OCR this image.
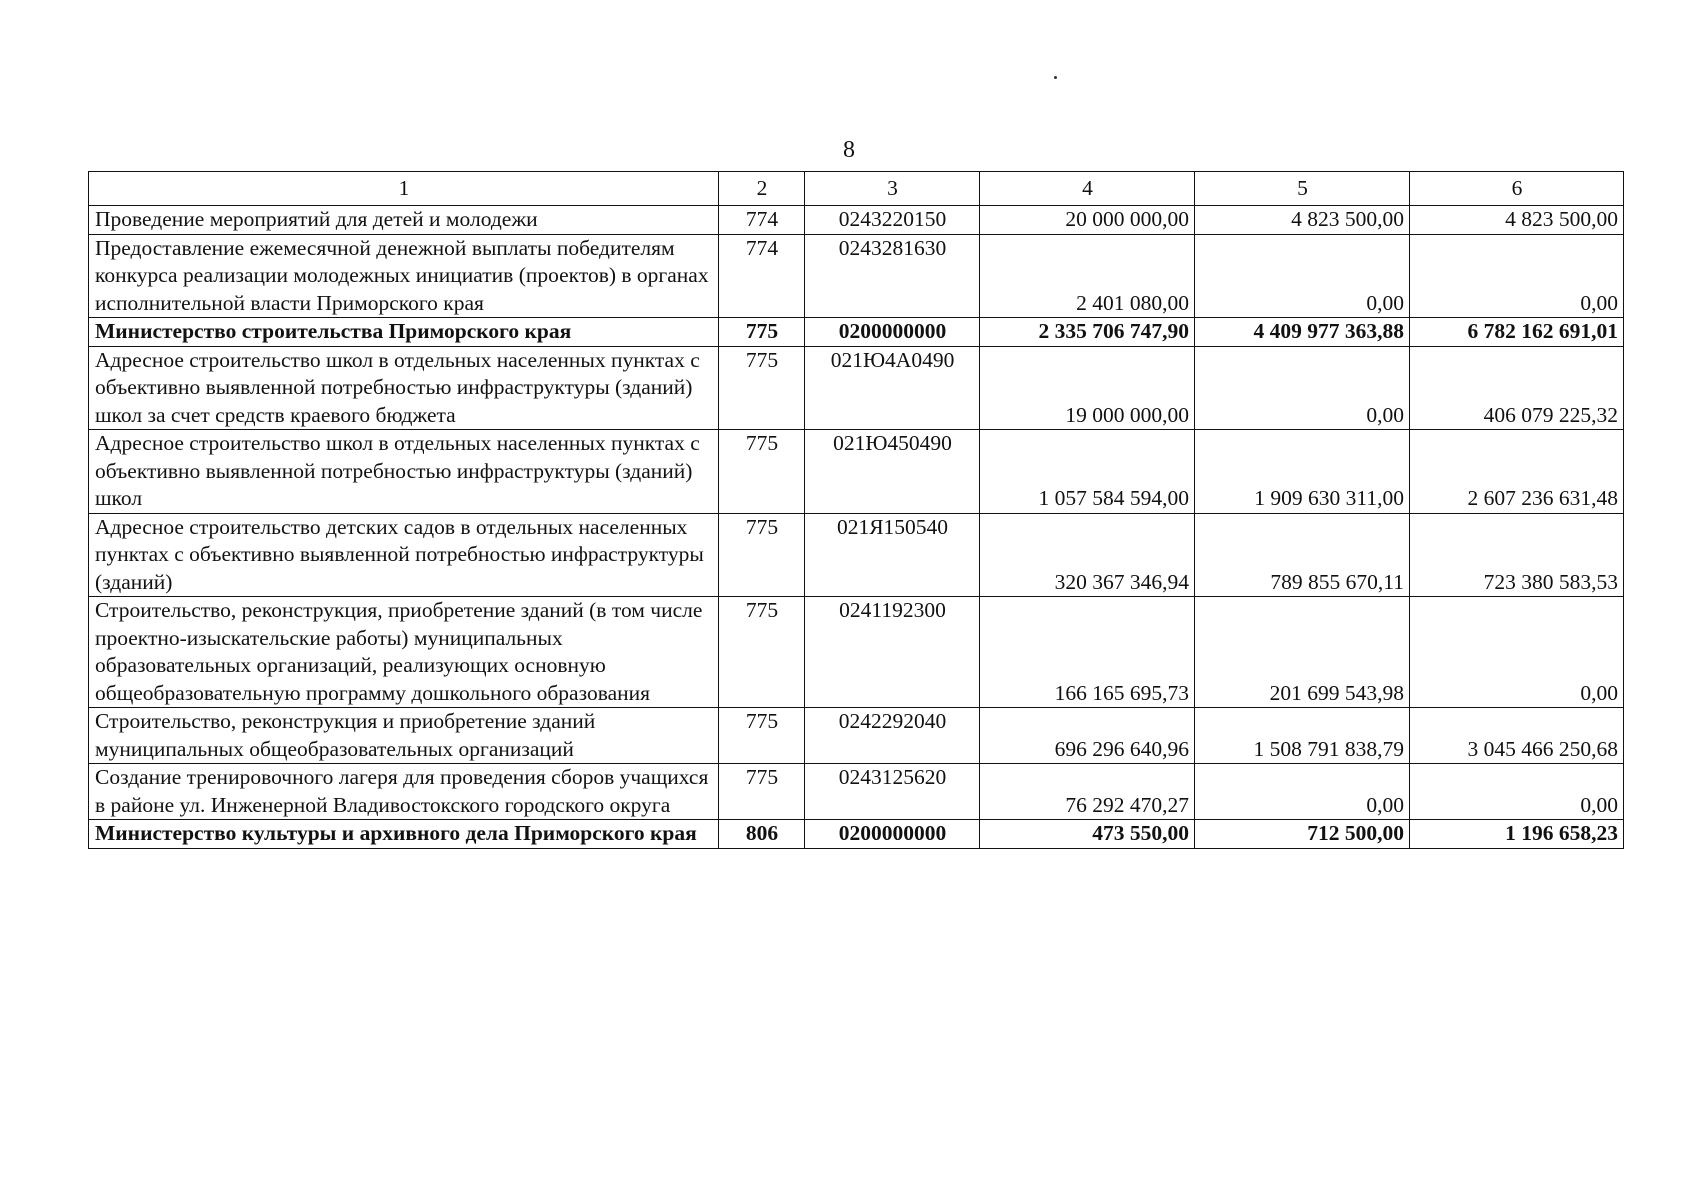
8
1	2	3	4	5	6
Проведение мероприятий для детей и молодежи	774	0243220150	20 000 000,00	4 823 500,00	4 823 500,00
Предоставление ежемесячной денежной выплаты победителям конкурса реализации молодежных инициатив (проектов) в органах исполнительной власти Приморского края	774	0243281630	2 401 080,00	0,00	0,00
Министерство строительства Приморского края	775	0200000000	2 335 706 747,90	4 409 977 363,88	6 782 162 691,01
Адресное строительство школ в отдельных населенных пунктах с объективно выявленной потребностью инфраструктуры (зданий) школ за счет средств краевого бюджета	775	021Ю4А0490	19 000 000,00	0,00	406 079 225,32
Адресное строительство школ в отдельных населенных пунктах с объективно выявленной потребностью инфраструктуры (зданий) школ	775	021Ю450490	1 057 584 594,00	1 909 630 311,00	2 607 236 631,48
Адресное строительство детских садов в отдельных населенных пунктах с объективно выявленной потребностью инфраструктуры (зданий)	775	021Я150540	320 367 346,94	789 855 670,11	723 380 583,53
Строительство, реконструкция, приобретение зданий (в том числе проектно-изыскательские работы) муниципальных образовательных организаций, реализующих основную общеобразовательную программу дошкольного образования	775	0241192300	166 165 695,73	201 699 543,98	0,00
Строительство, реконструкция и приобретение зданий муниципальных общеобразовательных организаций	775	0242292040	696 296 640,96	1 508 791 838,79	3 045 466 250,68
Создание тренировочного лагеря для проведения сборов учащихся в районе ул. Инженерной Владивостокского городского округа	775	0243125620	76 292 470,27	0,00	0,00
Министерство культуры и архивного дела Приморского края	806	0200000000	473 550,00	712 500,00	1 196 658,23
